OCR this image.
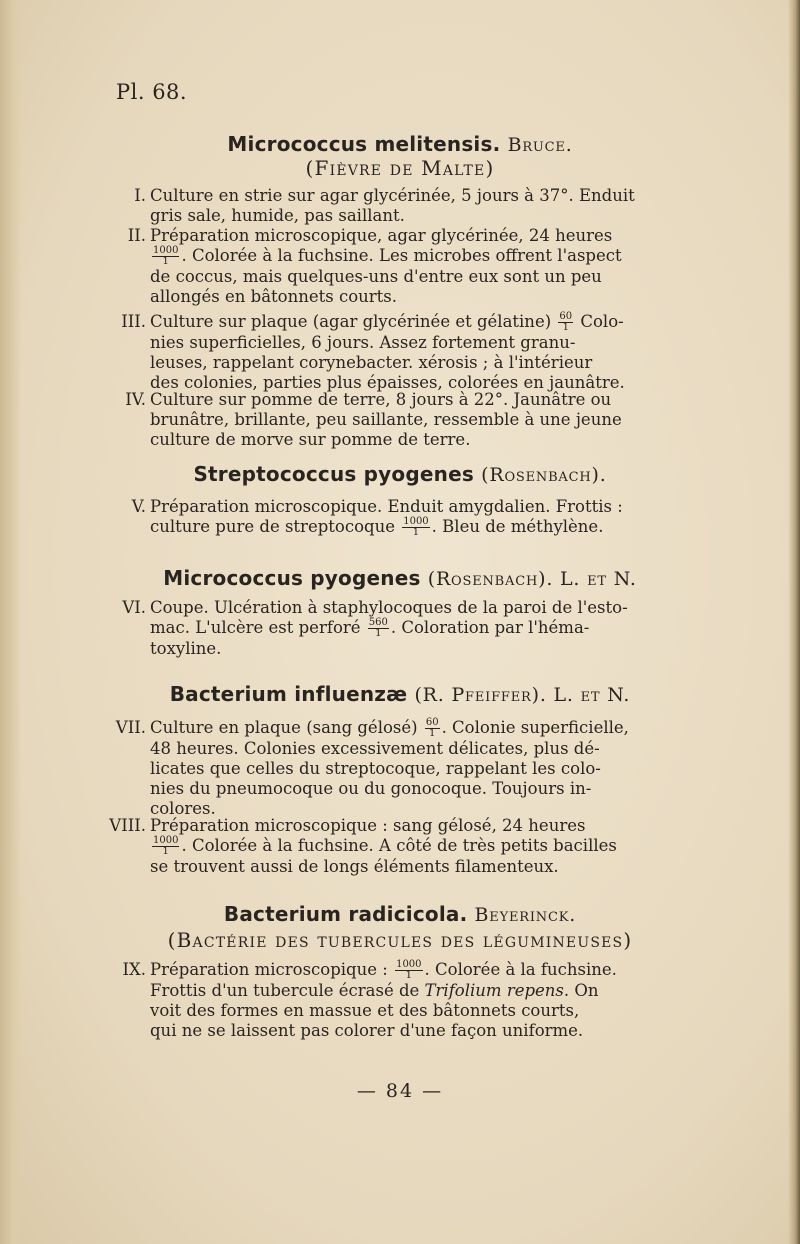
Pl. 68.
Micrococcus melitensis. Bruce.
(Fièvre de Malte)
I. Culture en strie sur agar glycérinée, 5 jours à 37°. Enduit
gris sale, humide, pas saillant.
II. Préparation microscopique, agar glycérinée, 24 heures
$\frac{1000}{1}$ . Colorée à la fuchsine. Les microbes offrent l'aspect
de coccus, mais quelques-uns d'entre eux sont un peu
allongés en bâtonnets courts.
III. Culture sur plaque (agar glycérinée et gélatine) $\frac{60}{1}$ Colo-
nies superficielles, 6 jours. Assez fortement granu-
leuses, rappelant corynebacter. xérosis ; à l'intérieur
des colonies, parties plus épaisses, colorées en jaunâtre.
IV. Culture sur pomme de terre, 8 jours à 22°. Jaunâtre ou
brunâtre, brillante, peu saillante, ressemble à une jeune
culture de morve sur pomme de terre.
Streptococcus pyogenes (Rosenbach).
V. Préparation microscopique. Enduit amygdalien. Frottis :
culture pure de streptocoque $\frac{1000}{1}$ . Bleu de méthylène.
Micrococcus pyogenes (Rosenbach). L. et N.
VI. Coupe. Ulcération à staphylocoques de la paroi de l'esto-
mac. L'ulcère est perforé $\frac{560}{1}$ . Coloration par l'héma-
toxyline.
Bacterium influenzæ (R. Pfeiffer). L. et N.
VII. Culture en plaque (sang gélosé) $\frac{60}{1}$ . Colonie superficielle,
48 heures. Colonies excessivement délicates, plus dé-
licates que celles du streptocoque, rappelant les colo-
nies du pneumocoque ou du gonocoque. Toujours in-
colores.
VIII. Préparation microscopique : sang gélosé, 24 heures
$\frac{1000}{1}$ . Colorée à la fuchsine. A côté de très petits bacilles
se trouvent aussi de longs éléments filamenteux.
Bacterium radicicola. Beyerinck.
(Bactérie des tubercules des légumineuses)
IX. Préparation microscopique : $\frac{1000}{1}$ . Colorée à la fuchsine.
Frottis d'un tubercule écrasé de Trifolium repens. On
voit des formes en massue et des bâtonnets courts,
qui ne se laissent pas colorer d'une façon uniforme.
— 84 —
